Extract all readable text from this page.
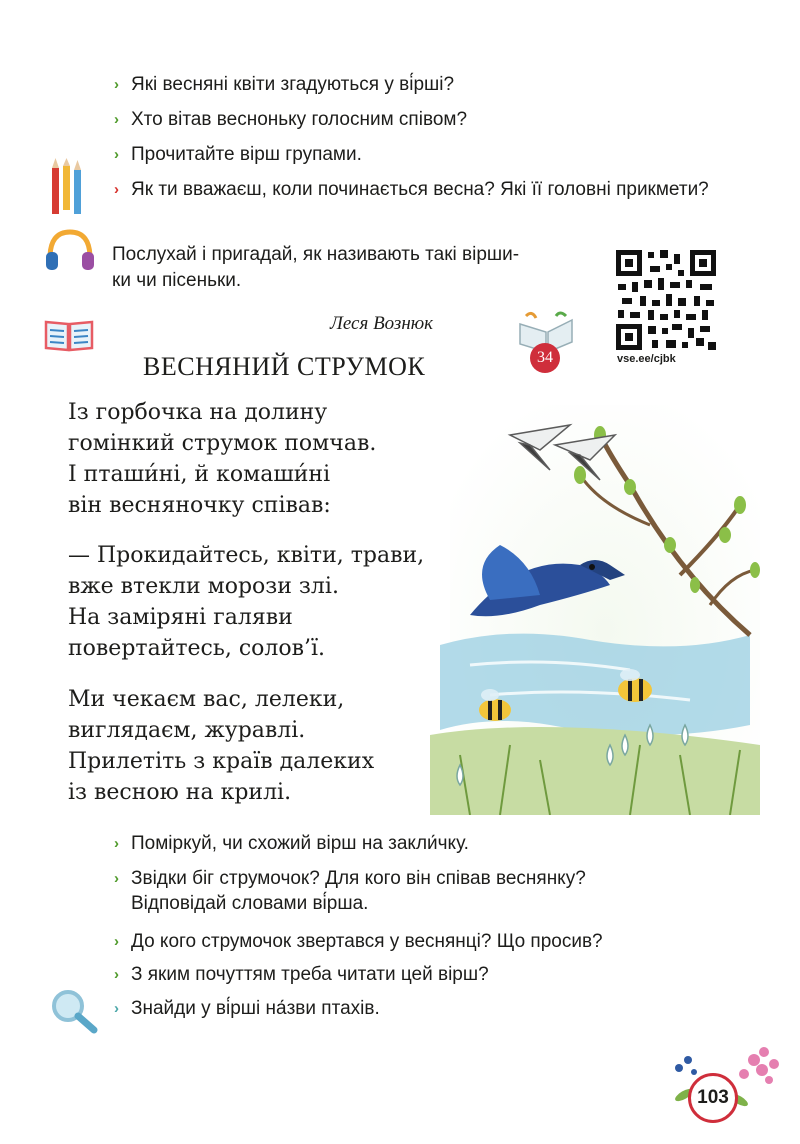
› Які весняні квіти згадуються у ві́рші?
› Хто вітав весноньку голосним співом?
› Прочитайте вірш групами.
› Як ти вважаєш, коли починається весна? Які її головні прикмети?
Послухай і пригадай, як називають такі вірши-
ки чи пісеньки.
vse.ee/cjbk
Леся Вознюк
ВЕСНЯНИЙ СТРУМОК	34
Із горбочка на долину
гомінкий струмок помчав.
І пташи́ні, й комаши́ні
він весняночку співав:
— Прокидайтесь, квіти, трави,
вже втекли морози злі.
На заміряні галяви
повертайтесь, солов’ї.
Ми чекаєм вас, лелеки,
виглядаєм, журавлі.
Прилетіть з країв далеких
із весною на крилі.
› Поміркуй, чи схожий вірш на закли́чку.
› Звідки біг струмочок? Для кого він співав веснянку?
Відповідай словами ві́рша.
› До кого струмочок звертався у веснянці? Що просив?
› З яким почуттям треба читати цей вірш?
› Знайди у ві́рші на́зви птахів.
103
